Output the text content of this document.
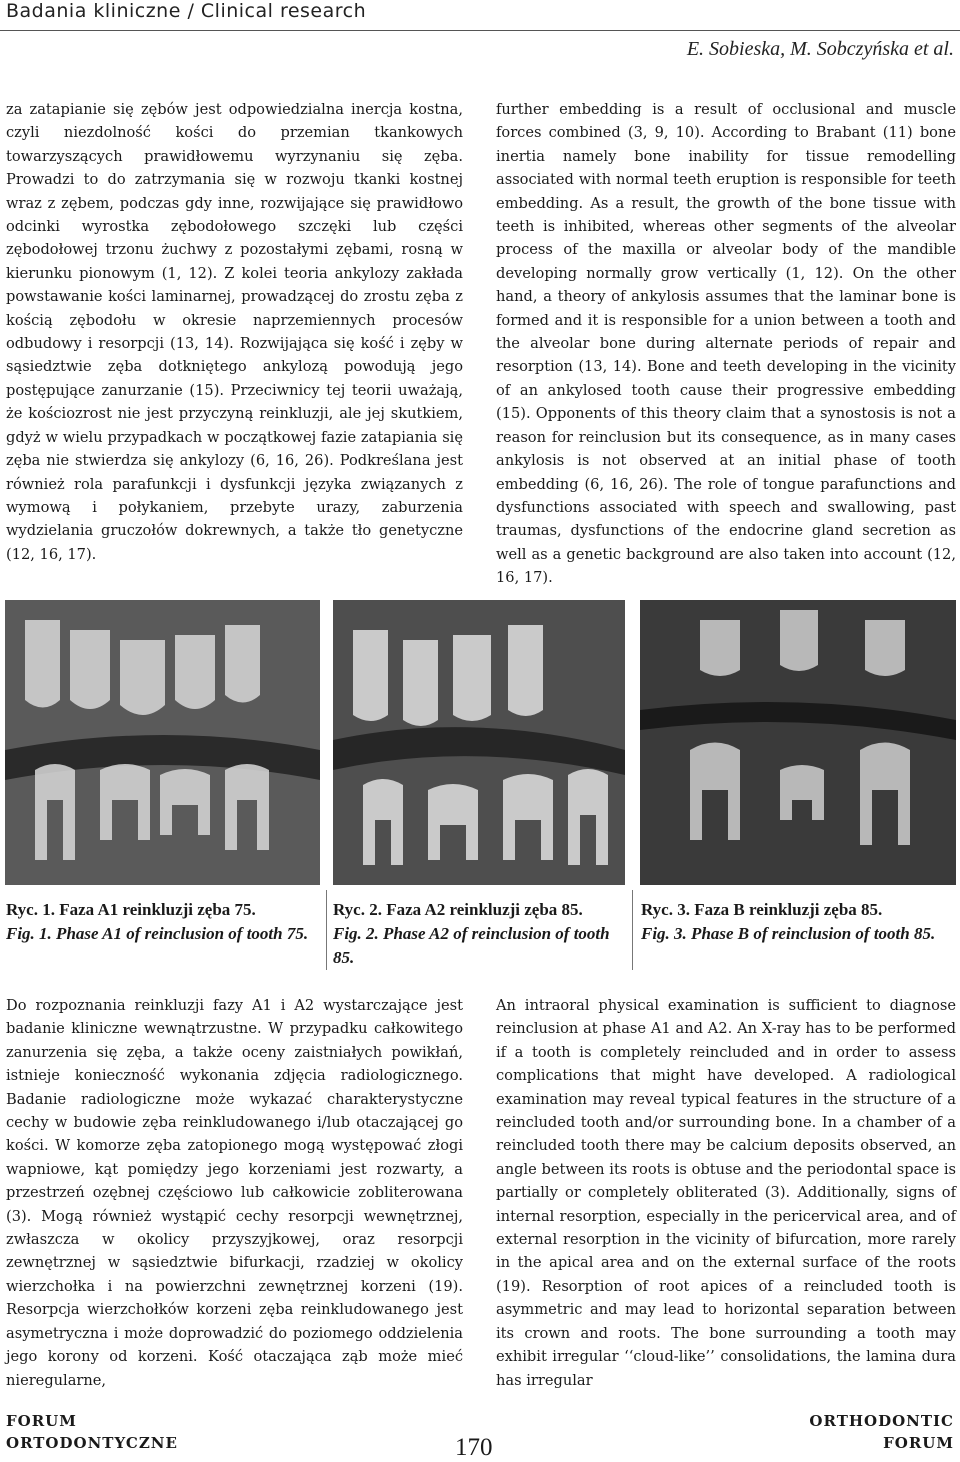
Badania kliniczne / Clinical research
E. Sobieska, M. Sobczyńska et al.

za zatapianie się zębów jest odpowiedzialna inercja kostna, czyli niezdolność kości do przemian tkankowych towarzyszących prawidłowemu wyrzynaniu się zęba. Prowadzi to do zatrzymania się w rozwoju tkanki kostnej wraz z zębem, podczas gdy inne, rozwijające się prawidłowo odcinki wyrostka zębodołowego szczęki lub części zębodołowej trzonu żuchwy z pozostałymi zębami, rosną w kierunku pionowym (1, 12). Z kolei teoria ankylozy zakłada powstawanie kości laminarnej, prowadzącej do zrostu zęba z kością zębodołu w okresie naprzemiennych procesów odbudowy i resorpcji (13, 14). Rozwijająca się kość i zęby w sąsiedztwie zęba dotkniętego ankylozą powodują jego postępujące zanurzanie (15). Przeciwnicy tej teorii uważają, że kościozrost nie jest przyczyną reinkluzji, ale jej skutkiem, gdyż w wielu przypadkach w początkowej fazie zatapiania się zęba nie stwierdza się ankylozy (6, 16, 26). Podkreślana jest również rola parafunkcji i dysfunkcji języka związanych z wymową i połykaniem, przebyte urazy, zaburzenia wydzielania gruczołów dokrewnych, a także tło genetyczne (12, 16, 17).

further embedding is a result of occlusional and muscle forces combined (3, 9, 10). According to Brabant (11) bone inertia namely bone inability for tissue remodelling associated with normal teeth eruption is responsible for teeth embedding. As a result, the growth of the bone tissue with teeth is inhibited, whereas other segments of the alveolar process of the maxilla or alveolar body of the mandible developing normally grow vertically (1, 12). On the other hand, a theory of ankylosis assumes that the laminar bone is formed and it is responsible for a union between a tooth and the alveolar bone during alternate periods of repair and resorption (13, 14). Bone and teeth developing in the vicinity of an ankylosed tooth cause their progressive embedding (15). Opponents of this theory claim that a synostosis is not a reason for reinclusion but its consequence, as in many cases ankylosis is not observed at an initial phase of tooth embedding (6, 16, 26). The role of tongue parafunctions and dysfunctions associated with speech and swallowing, past traumas, dysfunctions of the endocrine gland secretion as well as a genetic background are also taken into account (12, 16, 17).

Ryc. 1. Faza A1 reinkluzji zęba 75.
Fig. 1. Phase A1 of reinclusion of tooth 75.
Ryc. 2. Faza A2 reinkluzji zęba 85.
Fig. 2. Phase A2 of reinclusion of tooth 85.
Ryc. 3. Faza B reinkluzji zęba 85.
Fig. 3. Phase B of reinclusion of tooth 85.

Do rozpoznania reinkluzji fazy A1 i A2 wystarczające jest badanie kliniczne wewnątrzustne. W przypadku całkowitego zanurzenia się zęba, a także oceny zaistniałych powikłań, istnieje konieczność wykonania zdjęcia radiologicznego. Badanie radiologiczne może wykazać charakterystyczne cechy w budowie zęba reinkludowanego i/lub otaczającej go kości. W komorze zęba zatopionego mogą występować złogi wapniowe, kąt pomiędzy jego korzeniami jest rozwarty, a przestrzeń ozębnej częściowo lub całkowicie zobliterowana (3). Mogą również wystąpić cechy resorpcji wewnętrznej, zwłaszcza w okolicy przyszyjkowej, oraz resorpcji zewnętrznej w sąsiedztwie bifurkacji, rzadziej w okolicy wierzchołka i na powierzchni zewnętrznej korzeni (19). Resorpcja wierzchołków korzeni zęba reinkludowanego jest asymetryczna i może doprowadzić do poziomego oddzielenia jego korony od korzeni. Kość otaczająca ząb może mieć nieregularne,

An intraoral physical examination is sufficient to diagnose reinclusion at phase A1 and A2. An X-ray has to be performed if a tooth is completely reincluded and in order to assess complications that might have developed. A radiological examination may reveal typical features in the structure of a reincluded tooth and/or surrounding bone. In a chamber of a reincluded tooth there may be calcium deposits observed, an angle between its roots is obtuse and the periodontal space is partially or completely obliterated (3). Additionally, signs of internal resorption, especially in the pericervical area, and of external resorption in the vicinity of bifurcation, more rarely in the apical area and on the external surface of the roots (19). Resorption of root apices of a reincluded tooth is asymmetric and may lead to horizontal separation between its crown and roots. The bone surrounding a tooth may exhibit irregular ‘‘cloud-like’’ consolidations, the lamina dura has irregular

FORUM
ORTODONTYCZNE	170
ORTHODONTIC
FORUM
